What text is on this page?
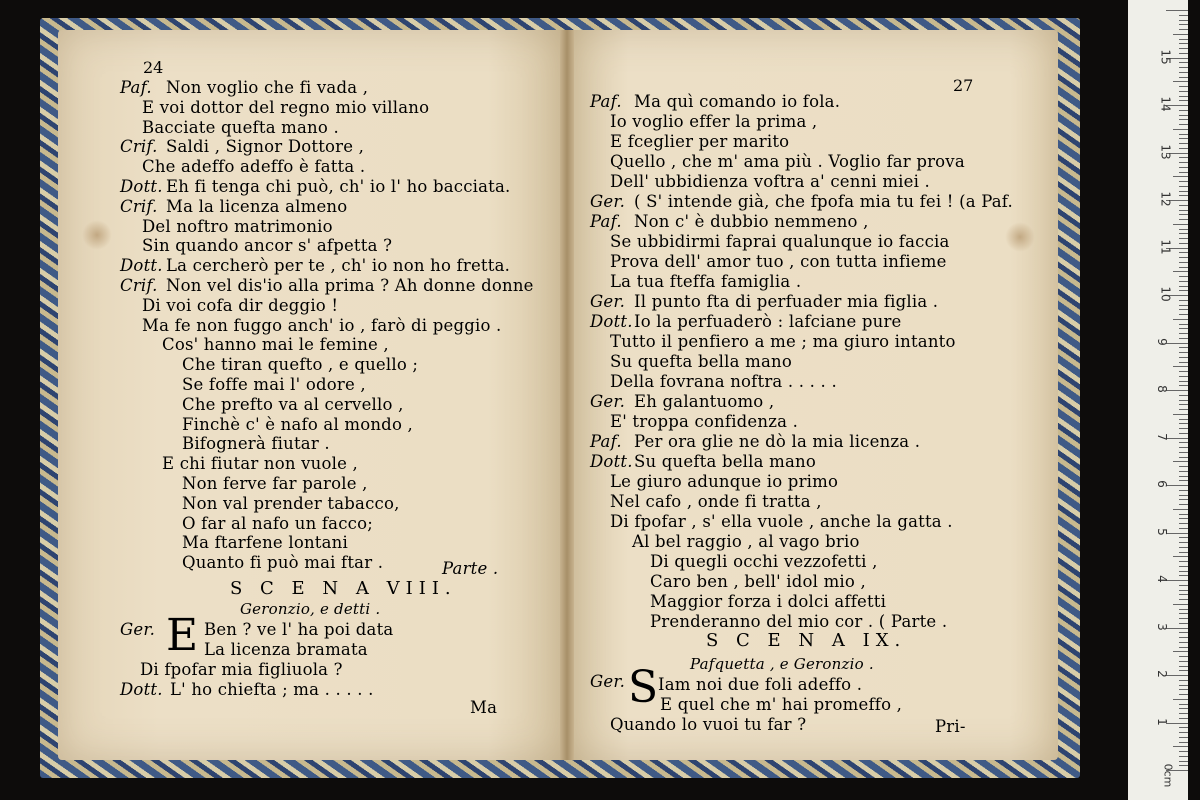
24
Paf. Non voglio che fi vada ,
E voi dottor del regno mio villano
Bacciate quefta mano .
Crif. Saldi , Signor Dottore ,
Che adeffo adeffo è fatta .
Dott. Eh fi tenga chi può, ch' io l' ho bacciata.
Crif. Ma la licenza almeno
Del noftro matrimonio
Sin quando ancor s' afpetta ?
Dott. La cercherò per te , ch' io non ho fretta.
Crif. Non vel dis'io alla prima ? Ah donne donne
Di voi cofa dir deggio !
Ma fe non fuggo anch' io , farò di peggio .
Cos' hanno mai le femine ,
Che tiran quefto , e quello ;
Se foffe mai l' odore ,
Che prefto va al cervello ,
Finchè c' è nafo al mondo ,
Bifognerà fiutar .
E chi fiutar non vuole ,
Non ferve far parole ,
Non val prender tabacco,
O far al nafo un facco;
Ma ftarfene lontani
Quanto fi può mai ftar .
27
Paf. Ma quì comando io fola.
Io voglio effer la prima ,
E fceglier per marito
Quello , che m' ama più . Voglio far prova
Dell' ubbidienza voftra a' cenni miei .
Ger. ( S' intende già, che fpofa mia tu fei ! (a Paf.
Paf. Non c' è dubbio nemmeno ,
Se ubbidirmi faprai qualunque io faccia
Prova dell' amor tuo , con tutta infieme
La tua fteffa famiglia .
Ger. Il punto fta di perfuader mia figlia .
Dott. Io la perfuaderò : lafciane pure
Tutto il penfiero a me ; ma giuro intanto
Su quefta bella mano
Della fovrana noftra . . . . .
Ger. Eh galantuomo ,
E' troppa confidenza .
Paf. Per ora glie ne dò la mia licenza .
Dott. Su quefta bella mano
Le giuro adunque io primo
Nel cafo , onde fi tratta ,
Di fpofar , s' ella vuole , anche la gatta .
Al bel raggio , al vago brio
Di quegli occhi vezzofetti ,
Caro ben , bell' idol mio ,
Maggior forza i dolci affetti
Prenderanno del mio cor . ( Parte .
Parte .
S C E N A VIII.
Geronzio, e detti .
Ger. E Ben ? ve l' ha poi data
La licenza bramata
Di fpofar mia figliuola ?
Dott. L' ho chiefta ; ma . . . . .
Ma
S C E N A IX.
Pafquetta , e Geronzio .
Ger. S Iam noi due foli adeffo .
E quel che m' hai promeffo ,
Quando lo vuoi tu far ?	Pri-
0cm
1
2
3
4
5
6
7
8
9
10
11
12
13
14
15
